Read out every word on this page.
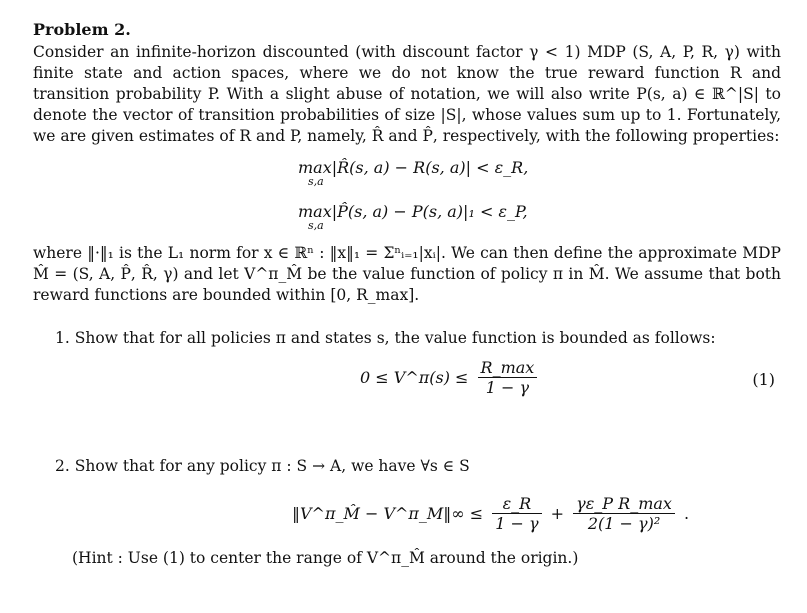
Problem 2.
Consider an infinite-horizon discounted (with discount factor γ < 1) MDP (S, A, P, R, γ) with finite state and action spaces, where we do not know the true reward function R and transition probability P. With a slight abuse of notation, we will also write P(s, a) ∈ ℝ^|S| to denote the vector of transition probabilities of size |S|, whose values sum up to 1. Fortunately, we are given estimates of R and P, namely, R̂ and P̂, respectively, with the following properties:
max|R̂(s, a) − R(s, a)| < ε_R,
s,a
max|P̂(s, a) − P(s, a)|₁ < ε_P,
s,a
where ‖·‖₁ is the L₁ norm for x ∈ ℝⁿ : ‖x‖₁ = Σⁿᵢ₌₁|xᵢ|. We can then define the approximate MDP M̂ = (S, A, P̂, R̂, γ) and let V^π_M̂ be the value function of policy π in M̂. We assume that both reward functions are bounded within [0, R_max].
1. Show that for all policies π and states s, the value function is bounded as follows:
0 ≤ V^π(s) ≤ $\frac{R\_\max}{1 - \gamma}$	(1)
2. Show that for any policy π : S → A, we have ∀s ∈ S
‖V^π_M̂ − V^π_M‖∞ ≤ $\frac{\varepsilon\_R}{1 - \gamma} + \frac{\text{γε\_P R\_max}}{\text{2(1 − γ)²}}$ .
(Hint : Use (1) to center the range of V^π_M̂ around the origin.)
